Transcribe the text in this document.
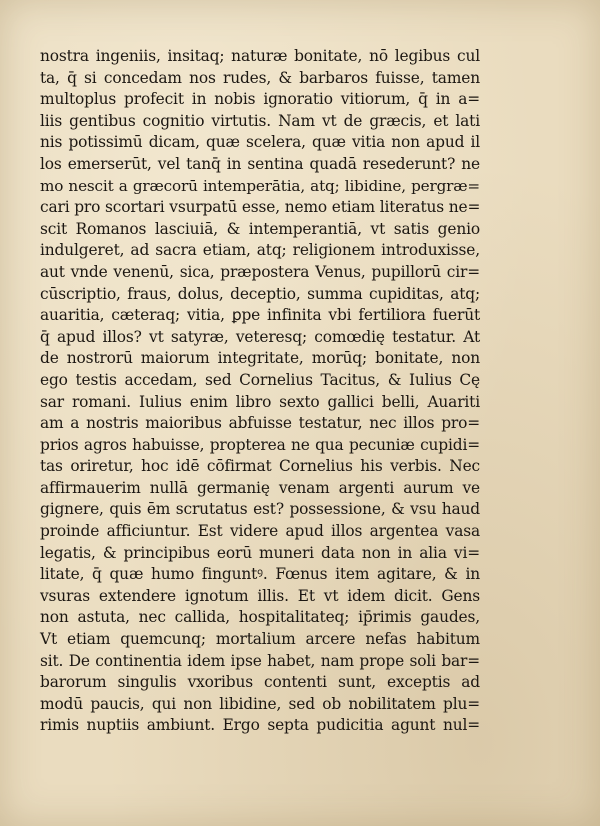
nostra ingeniis, insitaq; naturæ bonitate, nō legibus cul
ta, q̄ si concedam nos rudes, & barbaros fuisse, tamen
multoplus profecit in nobis ignoratio vitiorum, q̄ in a=
liis gentibus cognitio virtutis. Nam vt de græcis, et lati
nis potissimū dicam, quæ scelera, quæ vitia non apud il
los emerserūt, vel tanq̄ in sentina quadā resederunt? ne
mo nescit a græcorū intemperātia, atq; libidine, pergræ=
cari pro scortari vsurpatū esse, nemo etiam literatus ne=
scit Romanos lasciuiā, & intemperantiā, vt satis genio
indulgeret, ad sacra etiam, atq; religionem introduxisse,
aut vnde venenū, sica, præpostera Venus, pupillorū cir=
cūscriptio, fraus, dolus, deceptio, summa cupiditas, atq;
auaritia, cæteraq; vitia, ꝑpe infinita vbi fertiliora fuerūt
q̄ apud illos? vt satyræ, veteresq; comœdię testatur. At
de nostrorū maiorum integritate, morūq; bonitate, non
ego testis accedam, sed Cornelius Tacitus, & Iulius Cę
sar romani. Iulius enim libro sexto gallici belli, Auariti
am a nostris maioribus abfuisse testatur, nec illos pro=
prios agros habuisse, propterea ne qua pecuniæ cupidi=
tas oriretur, hoc idē cōfirmat Cornelius his verbis. Nec
affirmauerim nullā germanię venam argenti aurum ve
gignere, quis ēm scrutatus est? possessione, & vsu haud
proinde afficiuntur. Est videre apud illos argentea vasa
legatis, & principibus eorū muneri data non in alia vi=
litate, q̄ quæ humo finguntꝰ. Fœnus item agitare, & in
vsuras extendere ignotum illis. Et vt idem dicit. Gens
non astuta, nec callida, hospitalitateq; ip̄rimis gaudes,
Vt etiam quemcunq; mortalium arcere nefas habitum
sit. De continentia idem ipse habet, nam prope soli bar=
barorum singulis vxoribus contenti sunt, exceptis ad
modū paucis, qui non libidine, sed ob nobilitatem plu=
rimis nuptiis ambiunt. Ergo septa pudicitia agunt nul=
